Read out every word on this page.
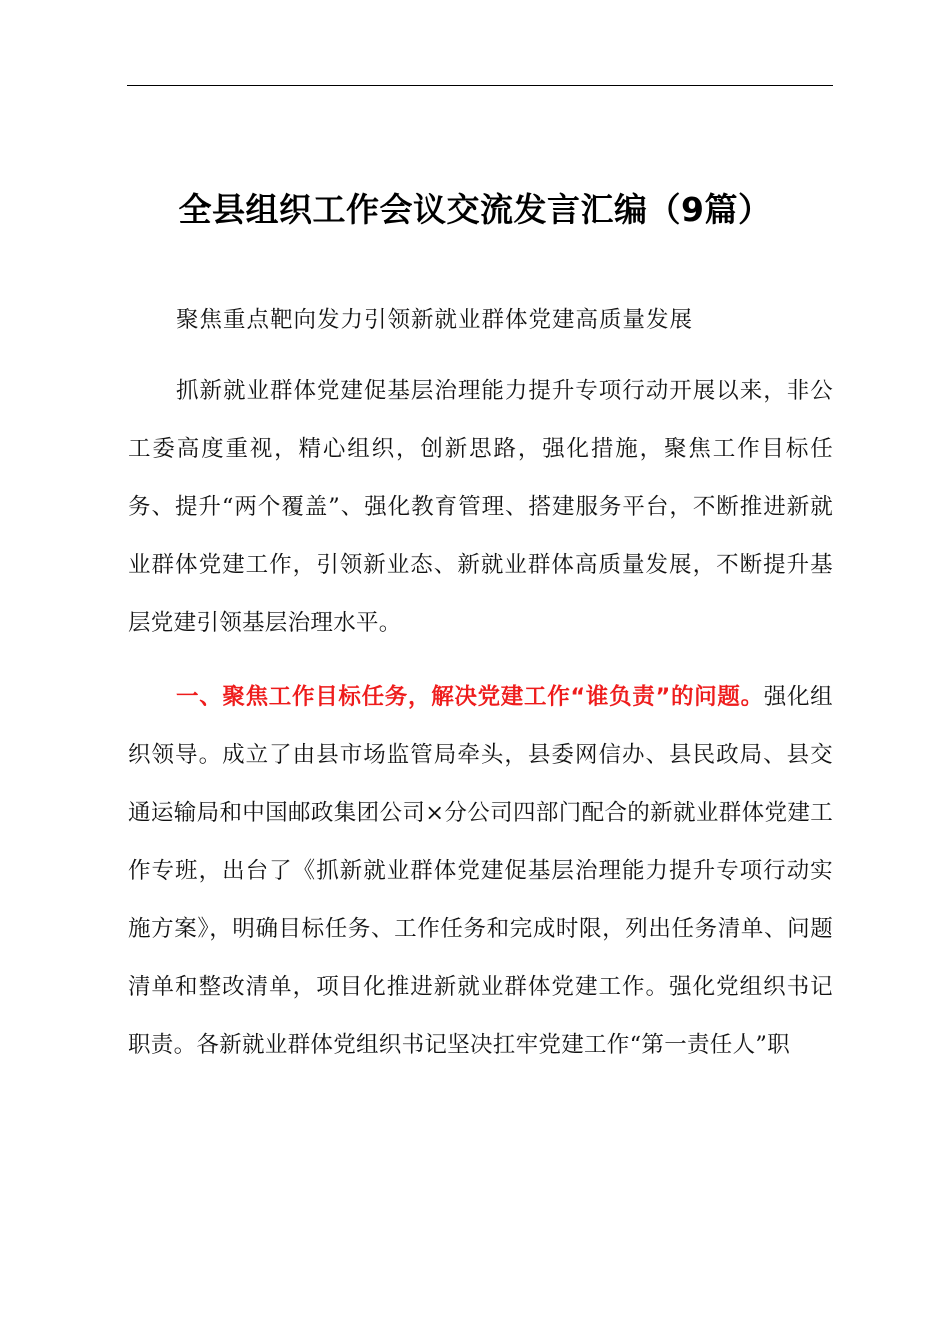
全县组织工作会议交流发言汇编（9篇）
聚焦重点靶向发力引领新就业群体党建高质量发展

抓新就业群体党建促基层治理能力提升专项行动开展以来，非公工委高度重视，精心组织，创新思路，强化措施，聚焦工作目标任务、提升“两个覆盖”、强化教育管理、搭建服务平台，不断推进新就业群体党建工作，引领新业态、新就业群体高质量发展，不断提升基层党建引领基层治理水平。

一、聚焦工作目标任务，解决党建工作“谁负责”的问题。强化组织领导。成立了由县市场监管局牵头，县委网信办、县民政局、县交通运输局和中国邮政集团公司×分公司四部门配合的新就业群体党建工作专班，出台了《抓新就业群体党建促基层治理能力提升专项行动实施方案》，明确目标任务、工作任务和完成时限，列出任务清单、问题清单和整改清单，项目化推进新就业群体党建工作。强化党组织书记职责。各新就业群体党组织书记坚决扛牢党建工作“第一责任人”职
